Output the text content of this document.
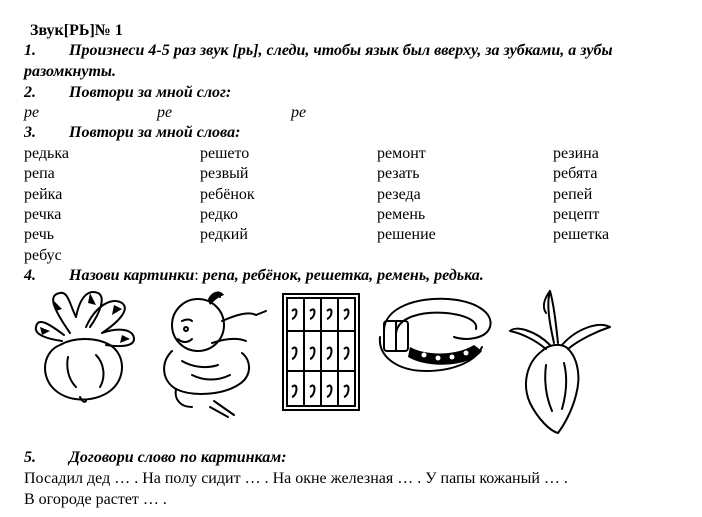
Звук[РЬ]№ 1
1. Произнеси 4-5 раз звук [рь], следи, чтобы язык был вверху, за зубками, а зубы
разомкнуты.
2. Повтори за мной слог:
ре	ре	ре
3. Повтори за мной слова:
редька
репа
рейка
речка
речь
ребус
решето
резвый
ребёнок
редко
редкий
ремонт
резать
резеда
ремень
решение
резина
ребята
репей
рецепт
решетка
4. Назови картинки: репа, ребёнок, решетка, ремень, редька.
5. Договори слово по картинкам:
Посадил дед … . На полу сидит … . На окне железная … . У папы кожаный … .
В огороде растет … .
